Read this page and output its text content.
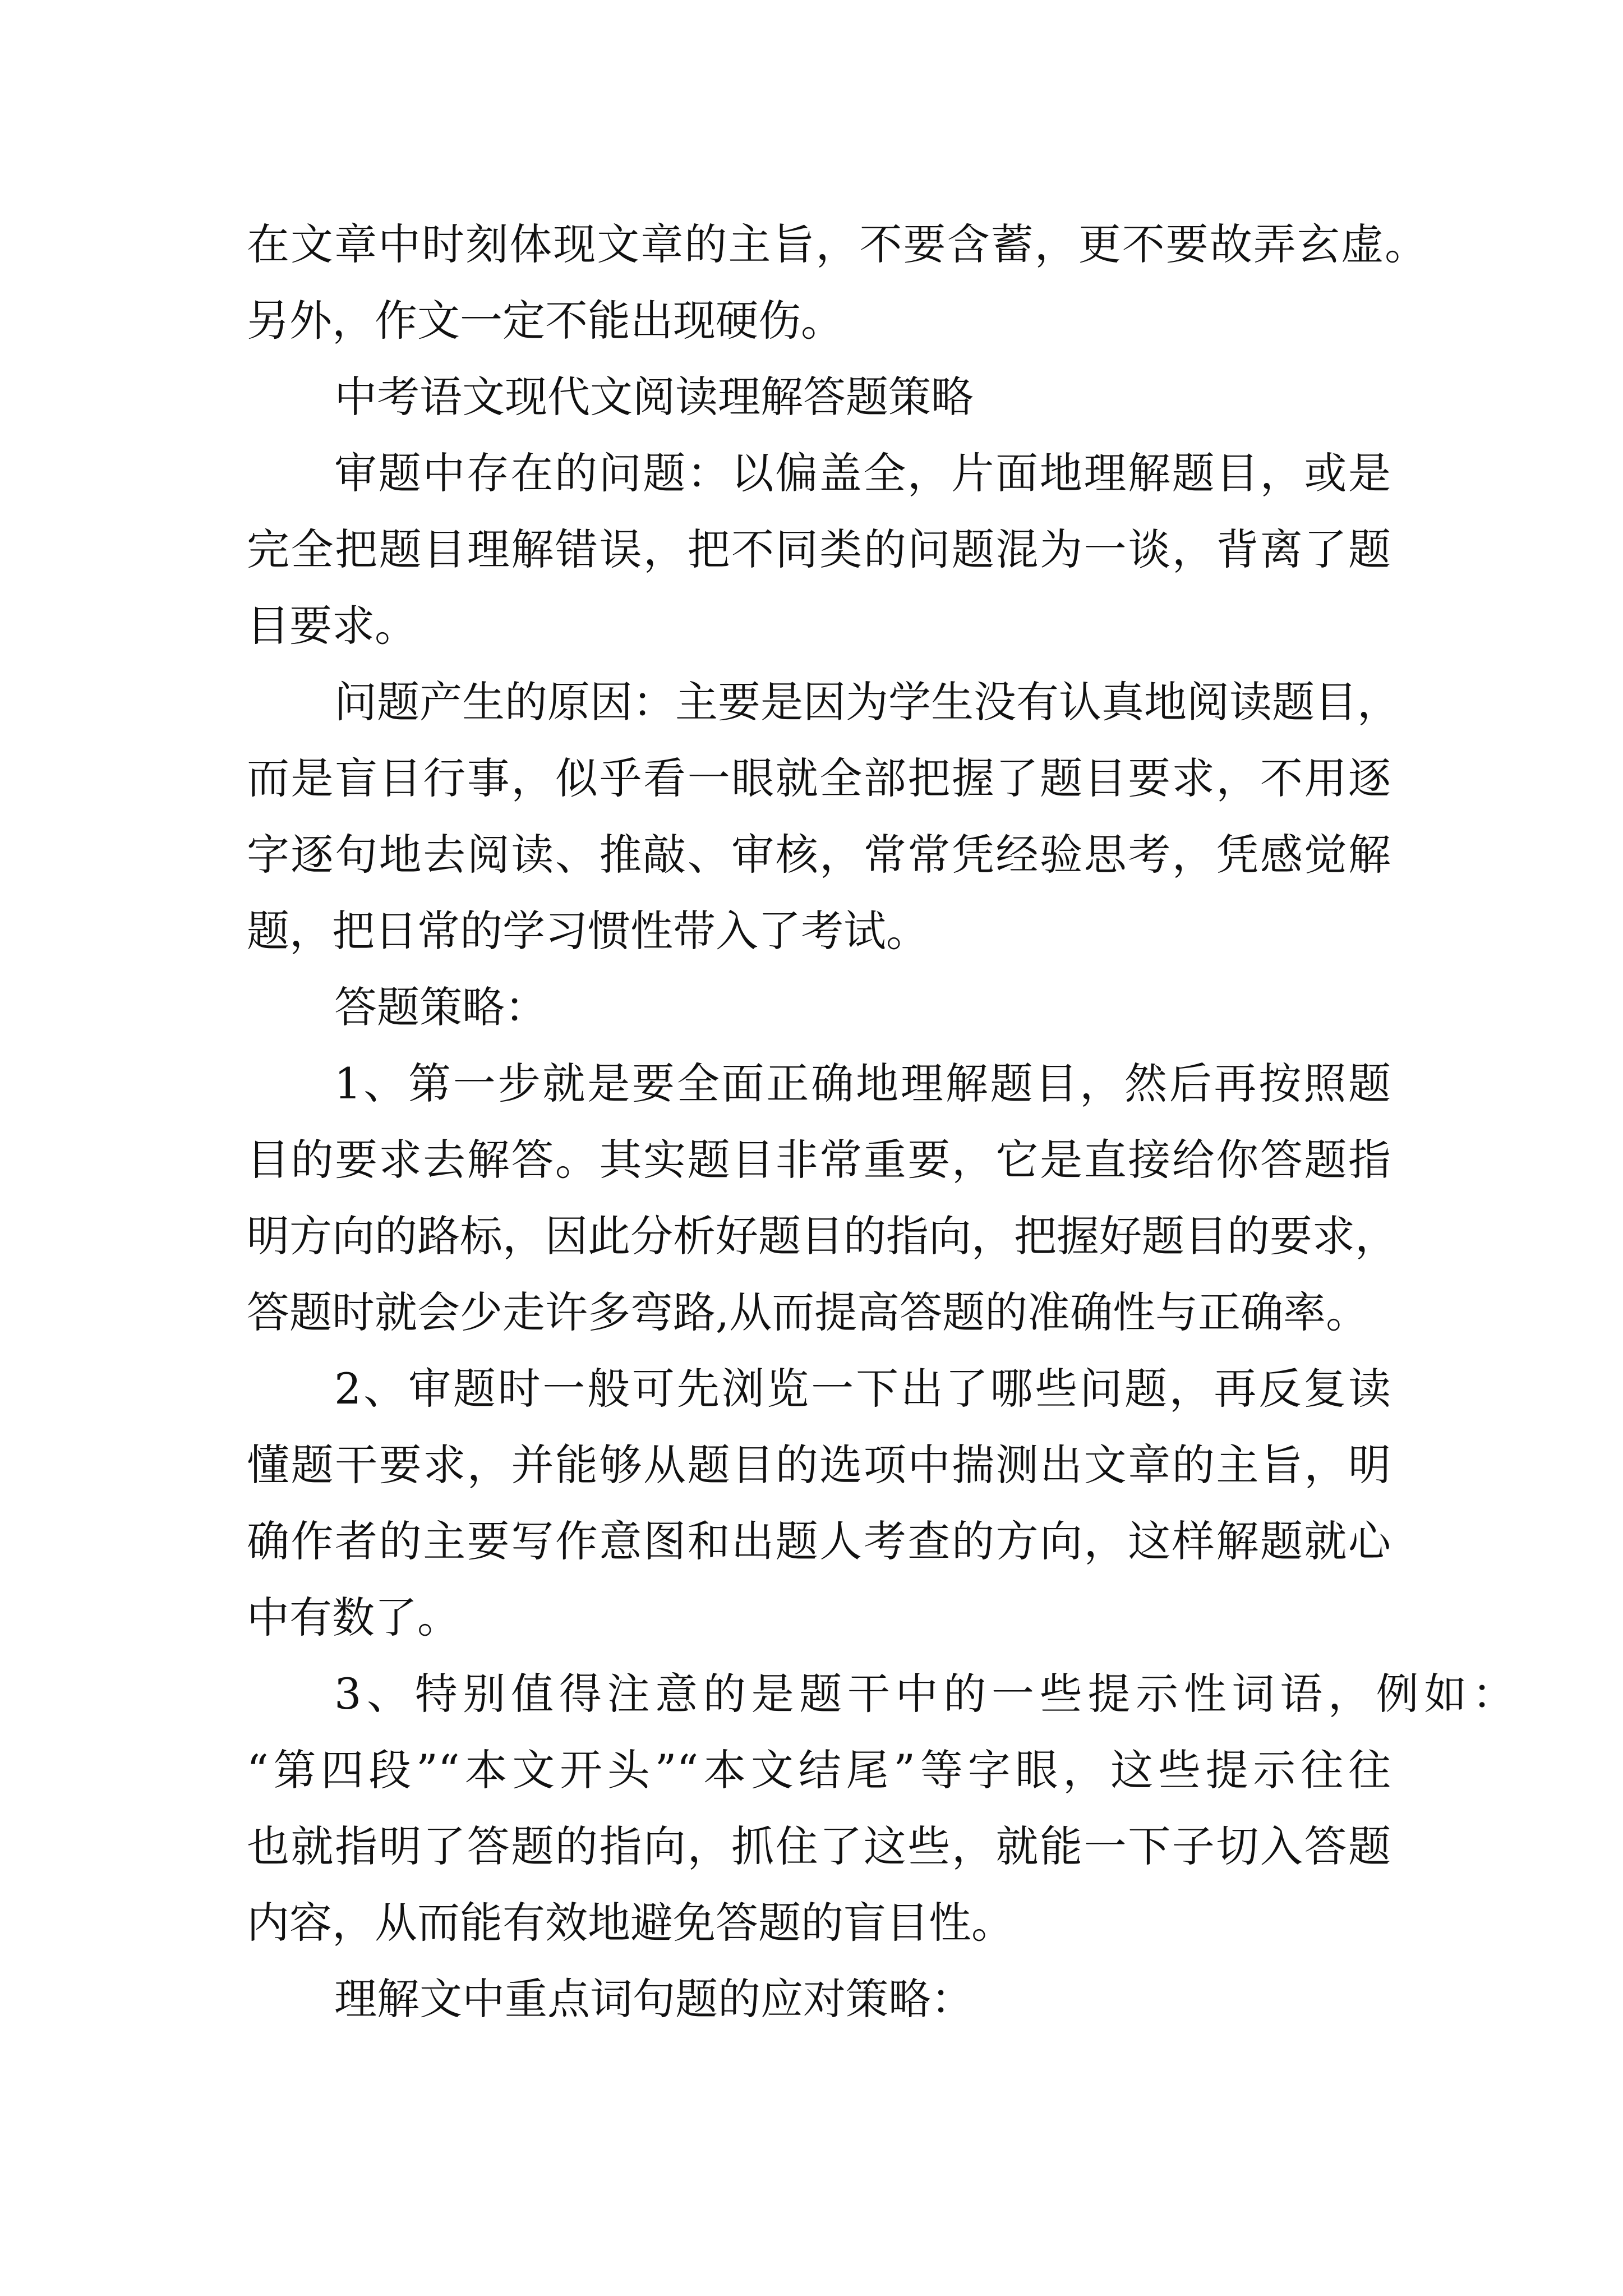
在文章中时刻体现文章的主旨，不要含蓄，更不要故弄玄虚。
另外，作文一定不能出现硬伤。
中考语文现代文阅读理解答题策略
审题中存在的问题：以偏盖全，片面地理解题目，或是
完全把题目理解错误，把不同类的问题混为一谈，背离了题
目要求。
问题产生的原因：主要是因为学生没有认真地阅读题目，
而是盲目行事，似乎看一眼就全部把握了题目要求，不用逐
字逐句地去阅读、推敲、审核，常常凭经验思考，凭感觉解
题，把日常的学习惯性带入了考试。
答题策略：
1、第一步就是要全面正确地理解题目，然后再按照题
目的要求去解答。其实题目非常重要，它是直接给你答题指
明方向的路标，因此分析好题目的指向，把握好题目的要求，
答题时就会少走许多弯路,从而提高答题的准确性与正确率。
2、审题时一般可先浏览一下出了哪些问题，再反复读
懂题干要求，并能够从题目的选项中揣测出文章的主旨，明
确作者的主要写作意图和出题人考查的方向，这样解题就心
中有数了。
3、特别值得注意的是题干中的一些提示性词语，例如：
“第四段”“本文开头”“本文结尾”等字眼，这些提示往往
也就指明了答题的指向，抓住了这些，就能一下子切入答题
内容，从而能有效地避免答题的盲目性。
理解文中重点词句题的应对策略：
